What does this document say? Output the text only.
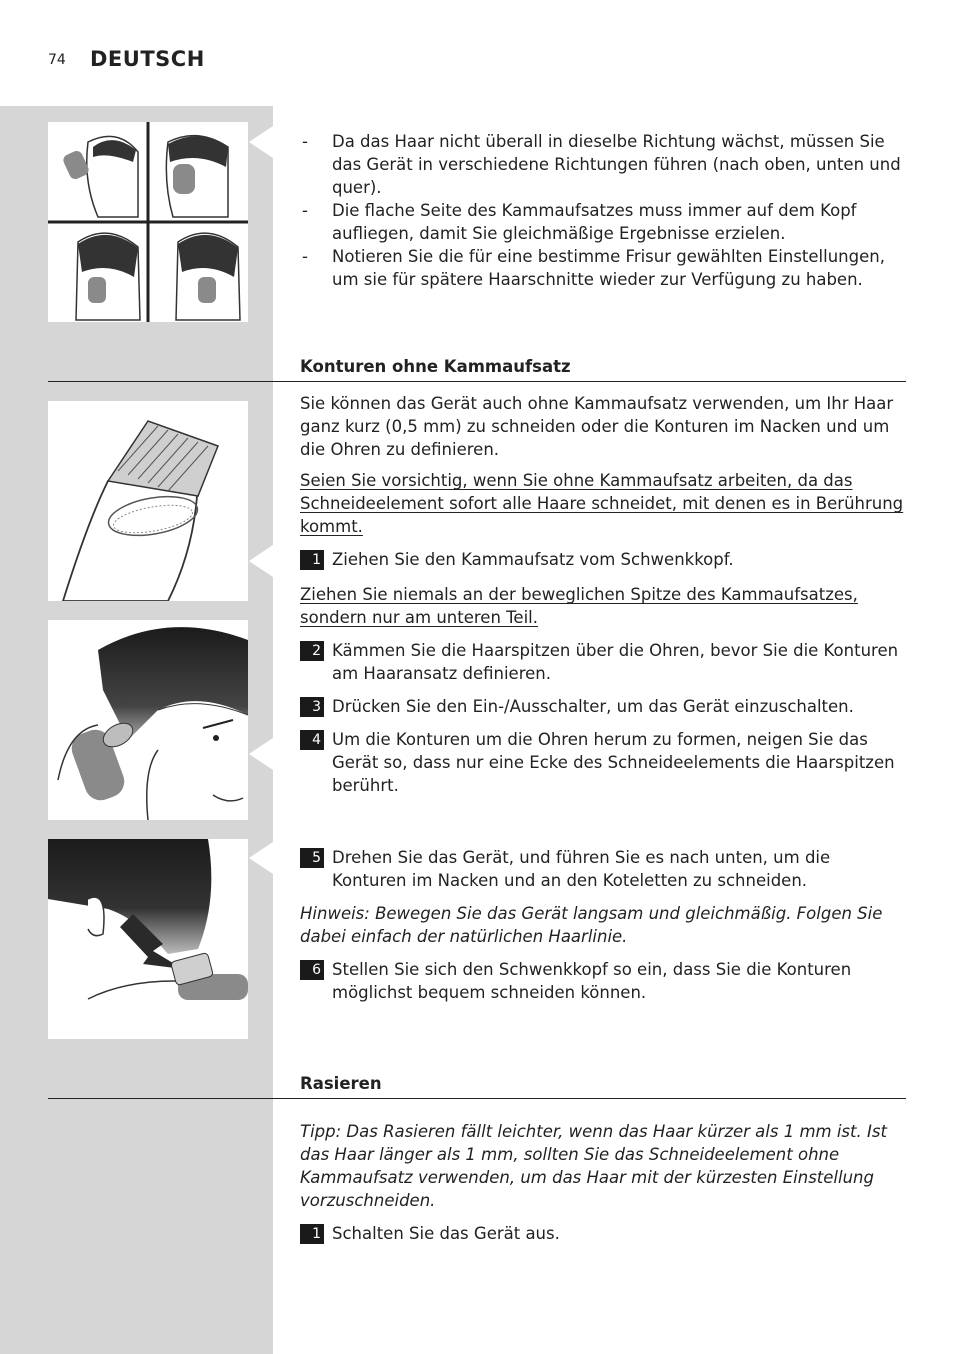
74 DEUTSCH
- Da das Haar nicht überall in dieselbe Richtung wächst, müssen Sie das Gerät in verschiedene Richtungen führen (nach oben, unten und quer).

- Die flache Seite des Kammaufsatzes muss immer auf dem Kopf aufliegen, damit Sie gleichmäßige Ergebnisse erzielen.

- Notieren Sie die für eine bestimme Frisur gewählten Einstellungen, um sie für spätere Haarschnitte wieder zur Verfügung zu haben.

Konturen ohne Kammaufsatz

Sie können das Gerät auch ohne Kammaufsatz verwenden, um Ihr Haar ganz kurz (0,5 mm) zu schneiden oder die Konturen im Nacken und um die Ohren zu definieren.

Seien Sie vorsichtig, wenn Sie ohne Kammaufsatz arbeiten, da das Schneideelement sofort alle Haare schneidet, mit denen es in Berührung kommt.

1 Ziehen Sie den Kammaufsatz vom Schwenkkopf.

Ziehen Sie niemals an der beweglichen Spitze des Kammaufsatzes, sondern nur am unteren Teil.

2 Kämmen Sie die Haarspitzen über die Ohren, bevor Sie die Konturen am Haaransatz definieren.

3 Drücken Sie den Ein-/Ausschalter, um das Gerät einzuschalten.

4 Um die Konturen um die Ohren herum zu formen, neigen Sie das Gerät so, dass nur eine Ecke des Schneideelements die Haarspitzen berührt.

5 Drehen Sie das Gerät, und führen Sie es nach unten, um die Konturen im Nacken und an den Koteletten zu schneiden.

Hinweis: Bewegen Sie das Gerät langsam und gleichmäßig. Folgen Sie dabei einfach der natürlichen Haarlinie.

6 Stellen Sie sich den Schwenkkopf so ein, dass Sie die Konturen möglichst bequem schneiden können.

Rasieren

Tipp: Das Rasieren fällt leichter, wenn das Haar kürzer als 1 mm ist. Ist das Haar länger als 1 mm, sollten Sie das Schneideelement ohne Kammaufsatz verwenden, um das Haar mit der kürzesten Einstellung vorzuschneiden.

1 Schalten Sie das Gerät aus.
